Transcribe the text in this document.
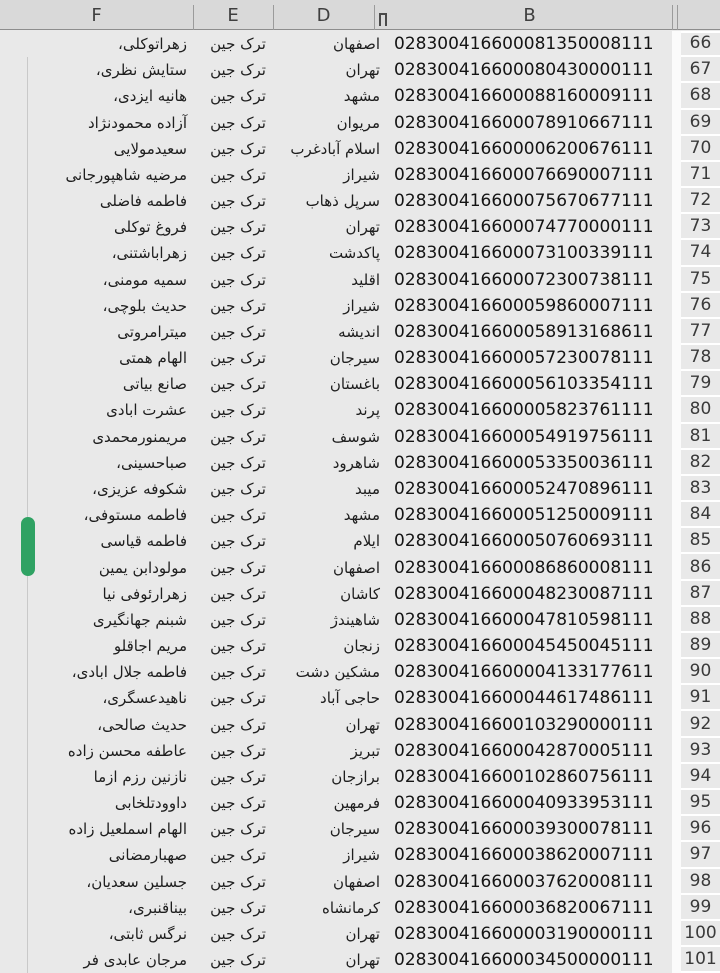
F	E	D	B
زهراتوکلی،	ترک جین	اصفهان 028300416600081350008111	66
ستایش نظری،	ترک جین	تهران 028300416600080430000111	67
هانیه ایزدی،	ترک جین	مشهد 028300416600088160009111	68
آزاده محمودنژاد	ترک جین	مریوان 028300416600078910667111	69
سعیدمولایی	ترک جین	اسلام آبادغرب 028300416600006200676111	70
مرضیه شاهپورجانی	ترک جین	شیراز 028300416600076690007111	71
فاطمه فاضلی	ترک جین	سرپل ذهاب 028300416600075670677111	72
فروغ توکلی	ترک جین	تهران 028300416600074770000111	73
زهراباشتنی،	ترک جین	پاکدشت 028300416600073100339111	74
سمیه مومنی،	ترک جین	اقلید 028300416600072300738111	75
حدیث بلوچی،	ترک جین	شیراز 028300416600059860007111	76
میترامروتی	ترک جین	اندیشه 028300416600058913168611	77
الهام همتی	ترک جین	سیرجان 028300416600057230078111	78
صانع بیاتی	ترک جین	باغستان 028300416600056103354111	79
عشرت ابادی	ترک جین	پرند 028300416600005823761111	80
مریمنورمحمدی	ترک جین	شوسف 028300416600054919756111	81
صباحسینی،	ترک جین	شاهرود 028300416600053350036111	82
شکوفه عزیزی،	ترک جین	میبد 028300416600052470896111	83
فاطمه مستوفی،	ترک جین	مشهد 028300416600051250009111	84
فاطمه قیاسی	ترک جین	ایلام 028300416600050760693111	85
مولودابن یمین	ترک جین	اصفهان 028300416600086860008111	86
زهرارئوفی نیا	ترک جین	کاشان 028300416600048230087111	87
شبنم جهانگیری	ترک جین	شاهیندژ 028300416600047810598111	88
مریم اجاقلو	ترک جین	زنجان 028300416600045450045111	89
فاطمه جلال ابادی،	ترک جین	مشکین دشت 028300416600004133177611	90
ناهیدعسگری،	ترک جین	حاجی آباد 028300416600044617486111	91
حدیث صالحی،	ترک جین	تهران 028300416600103290000111	92
عاطفه محسن زاده	ترک جین	تبریز 028300416600042870005111	93
نازنین رزم ازما	ترک جین	برازجان 028300416600102860756111	94
داوودتلخابی	ترک جین	فرمهین 028300416600040933953111	95
الهام اسملعیل زاده	ترک جین	سیرجان 028300416600039300078111	96
صهبارمضانی	ترک جین	شیراز 028300416600038620007111	97
جسلین سعدیان،	ترک جین	اصفهان 028300416600037620008111	98
بیناقنبری،	ترک جین	کرمانشاه 028300416600036820067111	99
نرگس ثابتی،	ترک جین	تهران 028300416600003190000111	100
مرجان عابدی فر	ترک جین	تهران 028300416600034500000111	101
